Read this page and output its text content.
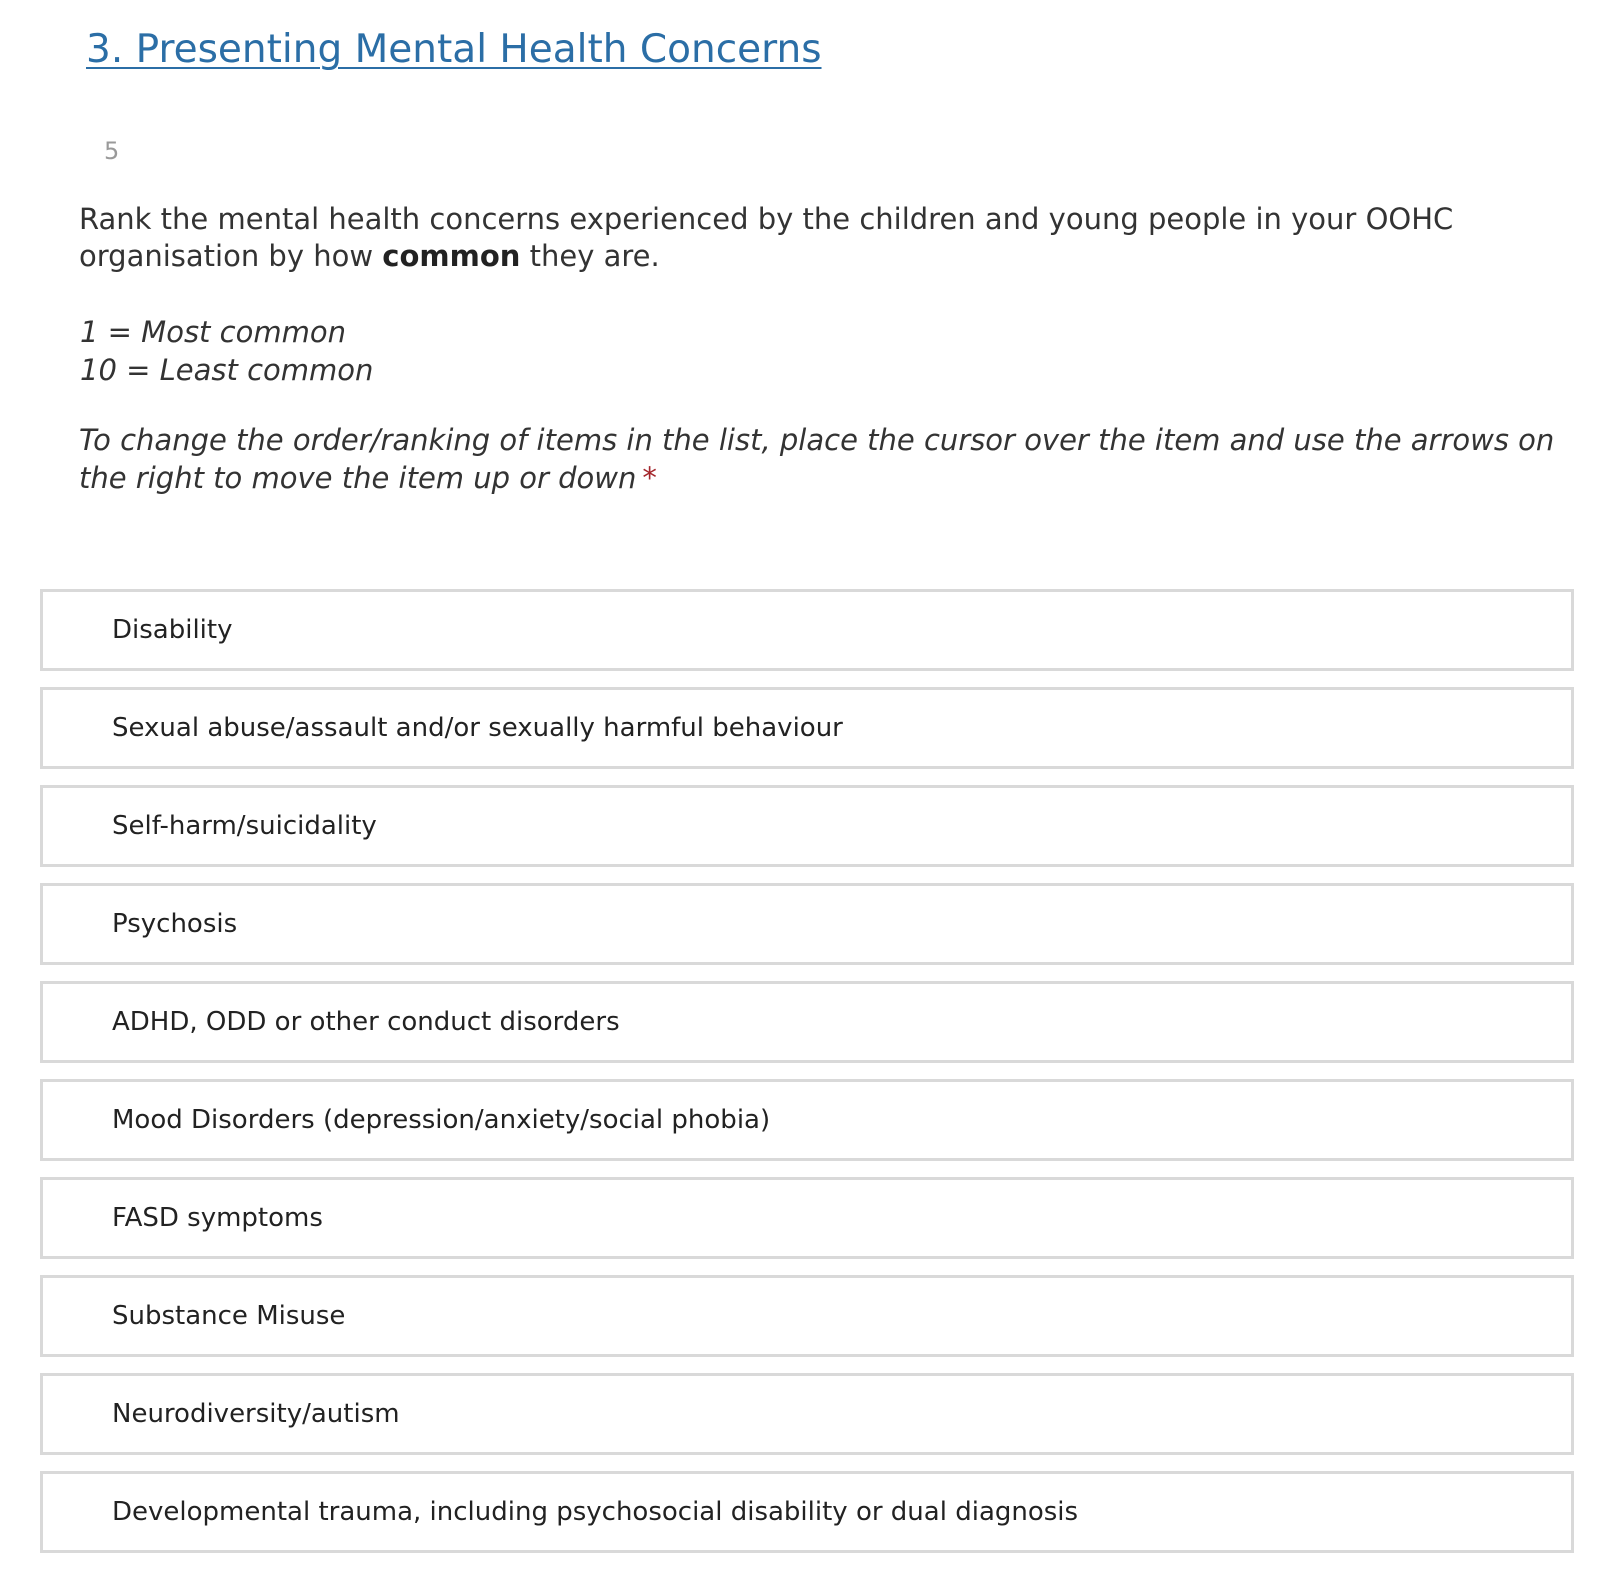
3. Presenting Mental Health Concerns
5

Rank the mental health concerns experienced by the children and young people in your OOHC organisation by how common they are.

1 = Most common
10 = Least common

To change the order/ranking of items in the list, place the cursor over the item and use the arrows on the right to move the item up or down *

Disability
Sexual abuse/assault and/or sexually harmful behaviour
Self-harm/suicidality
Psychosis
ADHD, ODD or other conduct disorders
Mood Disorders (depression/anxiety/social phobia)
FASD symptoms
Substance Misuse
Neurodiversity/autism
Developmental trauma, including psychosocial disability or dual diagnosis
